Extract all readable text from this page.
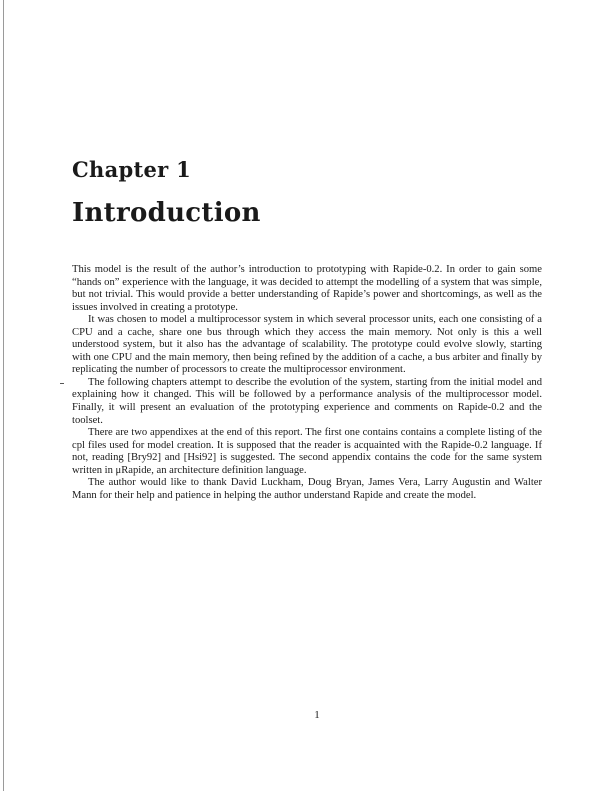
Chapter 1
Introduction

This model is the result of the author’s introduction to prototyping with Rapide-0.2. In order to gain some “hands on” experience with the language, it was decided to attempt the modelling of a system that was simple, but not trivial. This would provide a better understanding of Rapide’s power and shortcomings, as well as the issues involved in creating a prototype.

It was chosen to model a multiprocessor system in which several processor units, each one consisting of a CPU and a cache, share one bus through which they access the main memory. Not only is this a well understood system, but it also has the advantage of scalability. The prototype could evolve slowly, starting with one CPU and the main memory, then being refined by the addition of a cache, a bus arbiter and finally by replicating the number of processors to create the multiprocessor environment.

The following chapters attempt to describe the evolution of the system, starting from the initial model and explaining how it changed. This will be followed by a performance analysis of the multiprocessor model. Finally, it will present an evaluation of the prototyping experience and comments on Rapide-0.2 and the toolset.

There are two appendixes at the end of this report. The first one contains contains a complete listing of the cpl files used for model creation. It is supposed that the reader is acquainted with the Rapide-0.2 language. If not, reading [Bry92] and [Hsi92] is suggested. The second appendix contains the code for the same system written in μRapide, an architecture definition language.

The author would like to thank David Luckham, Doug Bryan, James Vera, Larry Augustin and Walter Mann for their help and patience in helping the author understand Rapide and create the model.

1
